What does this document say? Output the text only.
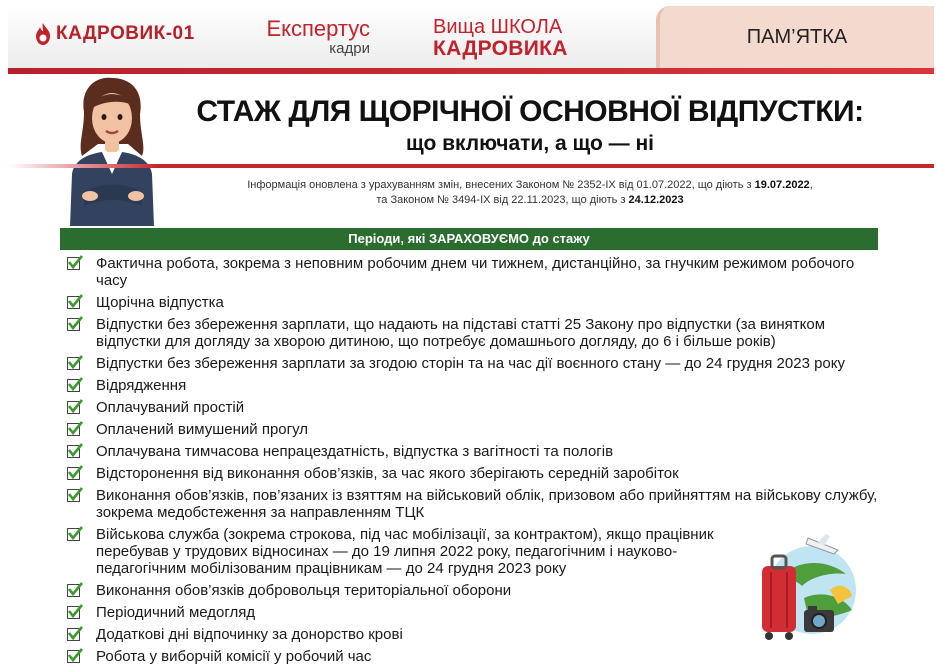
КАДРОВИК-01	Експертус
кадри
Вища ШКОЛА
КАДРОВИКА	ПАМ’ЯТКА
СТАЖ ДЛЯ ЩОРІЧНОЇ ОСНОВНОЇ ВІДПУСТКИ:
що включати, а що — ні
Інформація оновлена з урахуванням змін, внесених Законом № 2352-IX від 01.07.2022, що діють з 19.07.2022,
та Законом № 3494-IX від 22.11.2023, що діють з 24.12.2023
Періоди, які ЗАРАХОВУЄМО до стажу
Фактична робота, зокрема з неповним робочим днем чи тижнем, дистанційно, за гнучким режимом робочого часу
Щорічна відпустка
Відпустки без збереження зарплати, що надають на підставі статті 25 Закону про відпустки (за винятком відпустки для догляду за хворою дитиною, що потребує домашнього догляду, до 6 і більше років)
Відпустки без збереження зарплати за згодою сторін та на час дії воєнного стану — до 24 грудня 2023 року
Відрядження
Оплачуваний простій
Оплачений вимушений прогул
Оплачувана тимчасова непрацездатність, відпустка з вагітності та пологів
Відсторонення від виконання обов’язків, за час якого зберігають середній заробіток
Виконання обов’язків, пов’язаних із взяттям на військовий облік, призовом або прийняттям на військову службу, зокрема медобстеження за направленням ТЦК
Військова служба (зокрема строкова, під час мобілізації, за контрактом), якщо працівник перебував у трудових відносинах — до 19 липня 2022 року, педагогічним і науково-педагогічним мобілізованим працівникам — до 24 грудня 2023 року
Виконання обов’язків добровольця територіальної оборони
Періодичний медогляд
Додаткові дні відпочинку за донорство крові
Робота у виборчій комісії у робочий час
